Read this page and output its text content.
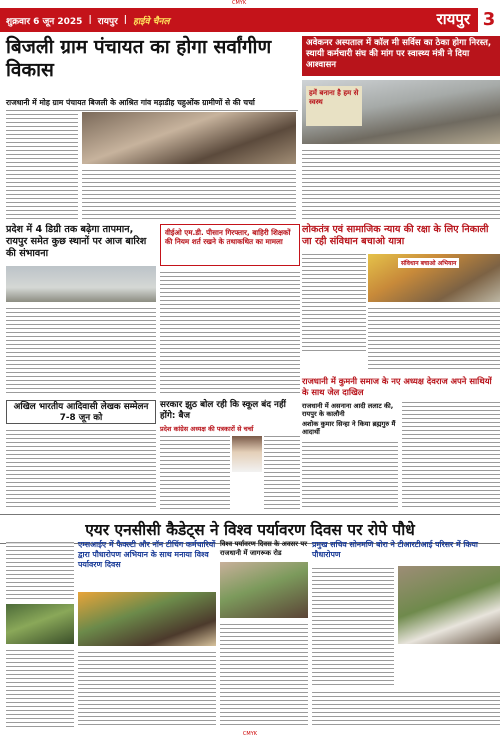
CMYK
शुक्रवार 6 जून 2025 | रायपुर | हाईवे चैनल	रायपुर 3
बिजली ग्राम पंचायत का होगा सर्वांगीण विकास
राजधानी में मोह ग्राम पंचायत बिजली के आश्रित गांव मड़ाडीह चहुओंक ग्रामीणों से की चर्चा
अवेकनर अस्पताल में कॉल मी सर्विस का ठेका होगा निरस्त, स्थायी कर्मचारी संघ की मांग पर स्वास्थ्य मंत्री ने दिया आश्वासन
हमें बनाना है हम से स्वस्थ
प्रदेश में 4 डिग्री तक बढ़ेगा तापमान, रायपुर समेत कुछ स्थानों पर आज बारिश की संभावना
वीईओ एम.डी. पीसान गिरफ्तार, बाहिरी शिक्षकों की नियम शर्त रखने के तथाकथित का मामला
लोकतंत्र एवं सामाजिक न्याय की रक्षा के लिए निकाली जा रही संविधान बचाओ यात्रा
संविधान बचाओ अभियान
अखिल भारतीय आदिवासी लेखक सम्मेलन 7-8 जून को
सरकार झुठ बोल रही कि स्कूल बंद नहीं होंगे: बैज
प्रदेश कांग्रेस अध्यक्ष की पत्रकारों से चर्चा
राजधानी में कुमनी समाज के नए अध्यक्ष देवराज अपने साथियों के साथ जेल दाखिल
राजधानी में असनाना आदी ललाट की, रायपुर के कालौनी
अशोक कुमार सिन्हा ने किया ब्रह्मगुरु मैं आदार्थी
एयर एनसीसी कैडेट्स ने विश्व पर्यावरण दिवस पर रोपे पौधे
एम्सआईए में फैक्ल्टी और नॉन टीचिंग कर्मचारियों द्वारा पौधारोपण अभियान के साथ मनाया विश्व पर्यावरण दिवस
विश्व पर्यावरण दिवस के अवसर पर राजधानी में जागरूक रोड
प्रमुख सचिव सोनमणि बोरा ने टीआरटीआई परिसर में किया पौधारोपण
CMYK
